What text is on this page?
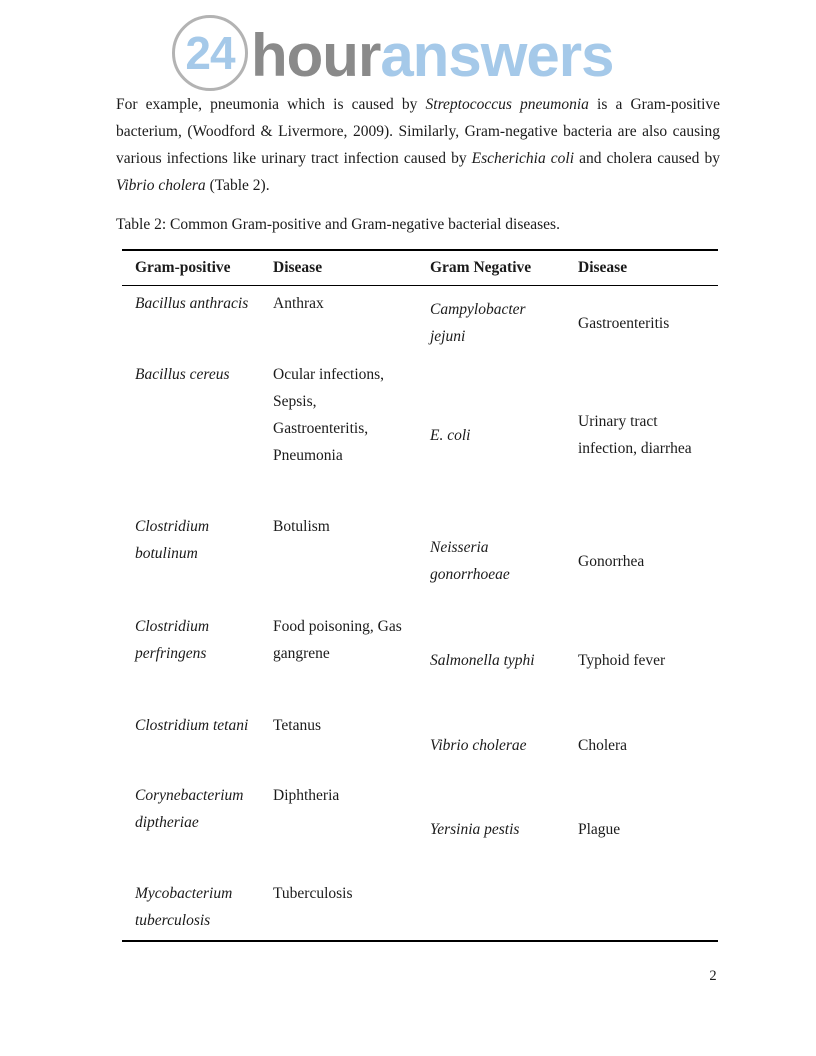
24 houranswers

For example, pneumonia which is caused by Streptococcus pneumonia is a Gram-positive bacterium, (Woodford & Livermore, 2009). Similarly, Gram-negative bacteria are also causing various infections like urinary tract infection caused by Escherichia coli and cholera caused by Vibrio cholera (Table 2).

Table 2: Common Gram-positive and Gram-negative bacterial diseases.

Gram-positive	Disease	Gram Negative	Disease
Bacillus anthracis	Anthrax	Campylobacter jejuni	Gastroenteritis
Bacillus cereus	Ocular infections, Sepsis, Gastroenteritis, Pneumonia	E. coli	Urinary tract infection, diarrhea
Clostridium botulinum	Botulism	Neisseria gonorrhoeae	Gonorrhea
Clostridium perfringens	Food poisoning, Gas gangrene	Salmonella typhi	Typhoid fever
Clostridium tetani	Tetanus	Vibrio cholerae	Cholera
Corynebacterium diptheriae	Diphtheria	Yersinia pestis	Plague
Mycobacterium tuberculosis	Tuberculosis		
2
